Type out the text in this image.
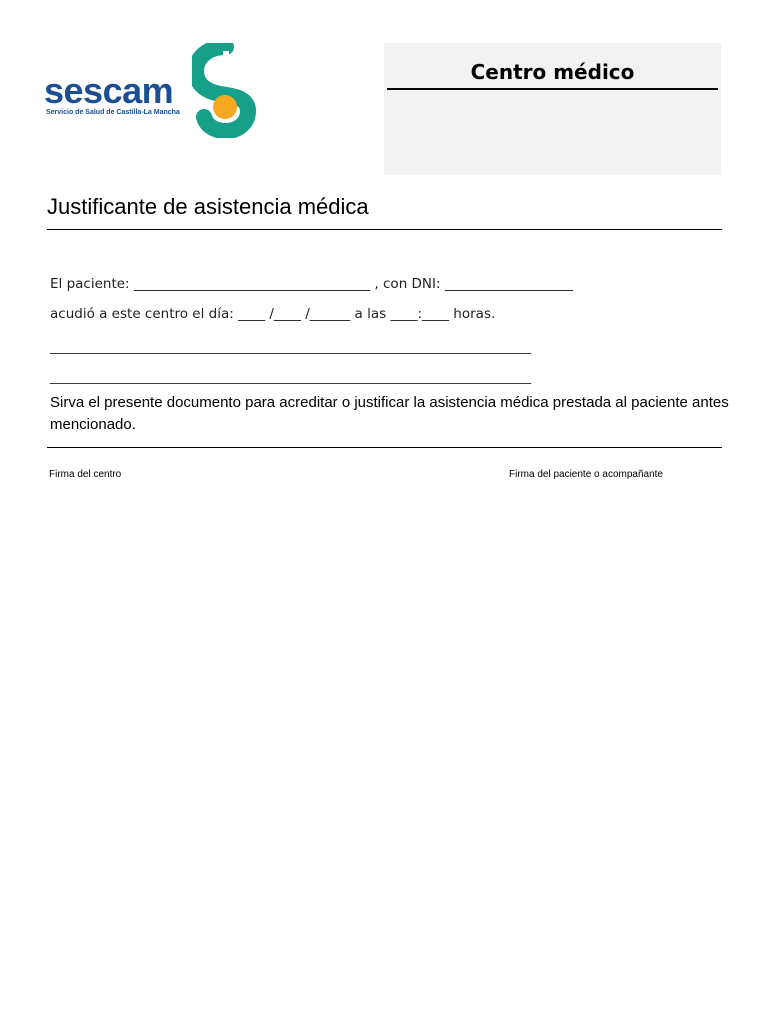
sescam
Servicio de Salud de Castilla-La Mancha
Centro médico
Justificante de asistencia médica
El paciente: ___________________________________ , con DNI: ___________________
acudió a este centro el día: ____ /____ /______ a las ____:____ horas.
_____________________________________________________________________________
_____________________________________________________________________________
Sirva el presente documento para acreditar o justificar la asistencia médica prestada al paciente antes mencionado.
Firma del centro	Firma del paciente o acompañante
